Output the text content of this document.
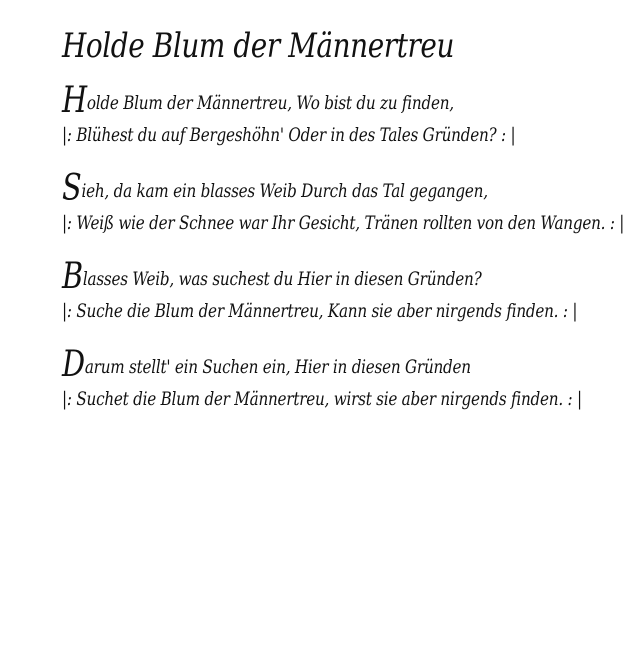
Holde Blum der Männertreu
Holde Blum der Männertreu, Wo bist du zu finden,
|: Blühest du auf Bergeshöhn' Oder in des Tales Gründen? : |
Sieh, da kam ein blasses Weib Durch das Tal gegangen,
|: Weiß wie der Schnee war Ihr Gesicht, Tränen rollten von den Wangen. : |
Blasses Weib, was suchest du Hier in diesen Gründen?
|: Suche die Blum der Männertreu, Kann sie aber nirgends finden. : |
Darum stellt' ein Suchen ein, Hier in diesen Gründen
|: Suchet die Blum der Männertreu, wirst sie aber nirgends finden. : |
